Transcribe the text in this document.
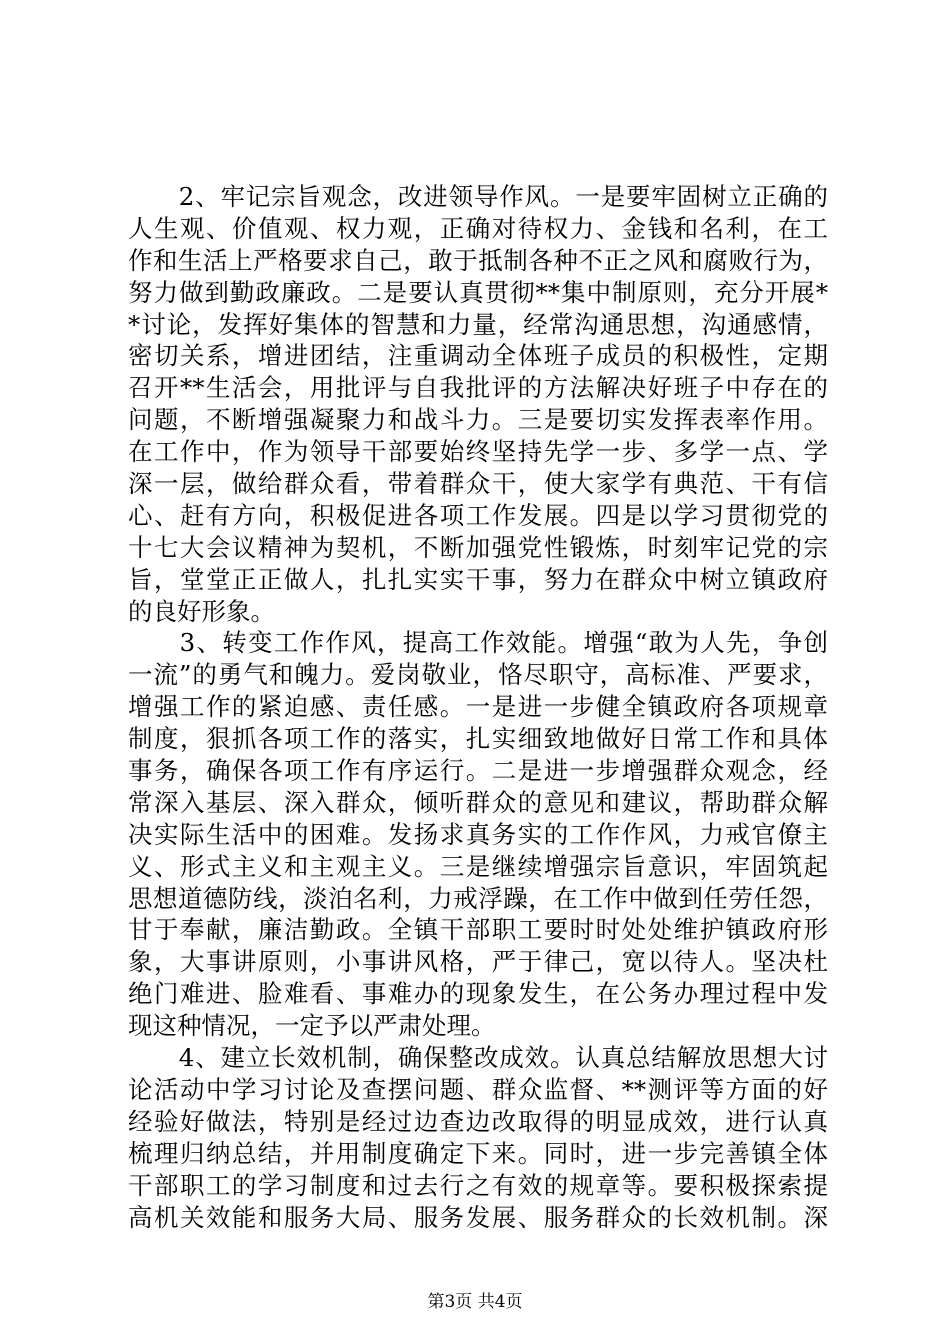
　　2、牢记宗旨观念，改进领导作风。一是要牢固树立正确的
人生观、价值观、权力观，正确对待权力、金钱和名利，在工
作和生活上严格要求自己，敢于抵制各种不正之风和腐败行为，
努力做到勤政廉政。二是要认真贯彻**集中制原则，充分开展*
*讨论，发挥好集体的智慧和力量，经常沟通思想，沟通感情，
密切关系，增进团结，注重调动全体班子成员的积极性，定期
召开**生活会，用批评与自我批评的方法解决好班子中存在的
问题，不断增强凝聚力和战斗力。三是要切实发挥表率作用。
在工作中，作为领导干部要始终坚持先学一步、多学一点、学
深一层，做给群众看，带着群众干，使大家学有典范、干有信
心、赶有方向，积极促进各项工作发展。四是以学习贯彻党的
十七大会议精神为契机，不断加强党性锻炼，时刻牢记党的宗
旨，堂堂正正做人，扎扎实实干事，努力在群众中树立镇政府
的良好形象。
　　3、转变工作作风，提高工作效能。增强“敢为人先，争创
一流”的勇气和魄力。爱岗敬业，恪尽职守，高标准、严要求，
增强工作的紧迫感、责任感。一是进一步健全镇政府各项规章
制度，狠抓各项工作的落实，扎实细致地做好日常工作和具体
事务，确保各项工作有序运行。二是进一步增强群众观念，经
常深入基层、深入群众，倾听群众的意见和建议，帮助群众解
决实际生活中的困难。发扬求真务实的工作作风，力戒官僚主
义、形式主义和主观主义。三是继续增强宗旨意识，牢固筑起
思想道德防线，淡泊名利，力戒浮躁，在工作中做到任劳任怨，
甘于奉献，廉洁勤政。全镇干部职工要时时处处维护镇政府形
象，大事讲原则，小事讲风格，严于律己，宽以待人。坚决杜
绝门难进、脸难看、事难办的现象发生，在公务办理过程中发
现这种情况，一定予以严肃处理。
　　4、建立长效机制，确保整改成效。认真总结解放思想大讨
论活动中学习讨论及查摆问题、群众监督、**测评等方面的好
经验好做法，特别是经过边查边改取得的明显成效，进行认真
梳理归纳总结，并用制度确定下来。同时，进一步完善镇全体
干部职工的学习制度和过去行之有效的规章等。要积极探索提
高机关效能和服务大局、服务发展、服务群众的长效机制。深
第3页 共4页
